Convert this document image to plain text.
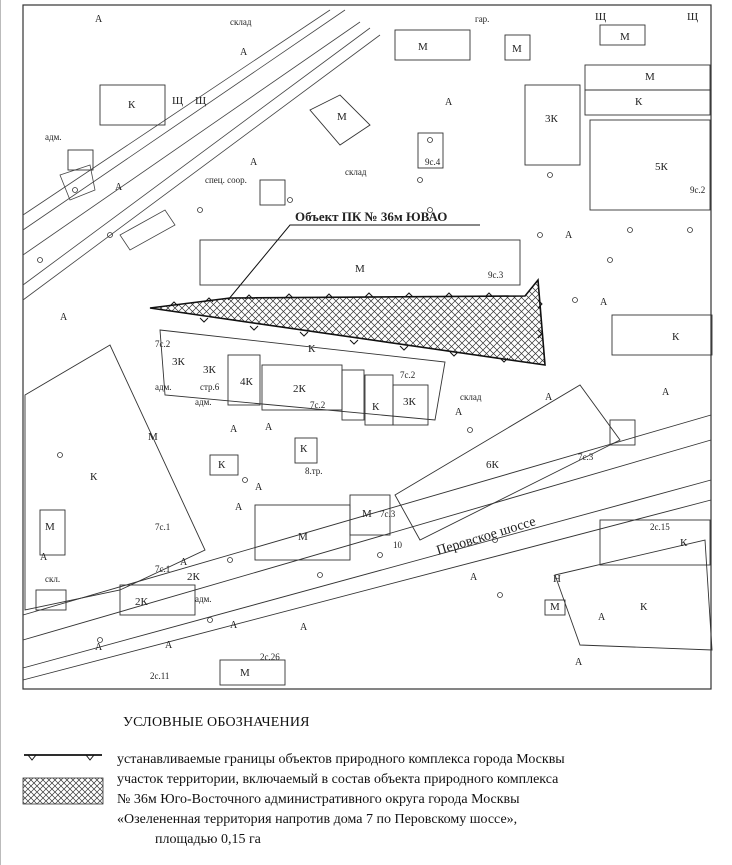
Объект ПК № 36м ЮВАО
Перовское шоссе
К
М	М
М
М
К
3К
5К
М
М
К
К
3К
3К
4К
2К
3К
К
М
К
К
К
6К
М
М
М
2К
2К
К
К
М
Щ Щ
Щ	Щ
Н
М
склад
склад
склад
гар.
спец. соор.
адм.
адм.
адм.
адм.
7с.2
7с.2
7с.2
7с.1
7с.1
7с.3
7с.3
стр.6
9с.4
9с.3
9с.2
2с.15
2с.26
2с.11
8.тр.
10
скл.
А
А
А
А
А
А
А
А
А
А
А
А
А
А	А
А
А
А
А	А
А
А	А
А
УСЛОВНЫЕ ОБОЗНАЧЕНИЯ
устанавливаемые границы объектов природного комплекса города Москвы
участок территории, включаемый в состав объекта природного комплекса
№ 36м Юго-Восточного административного округа города Москвы
«Озелененная территория напротив дома 7 по Перовскому шоссе»,
площадью 0,15 га
